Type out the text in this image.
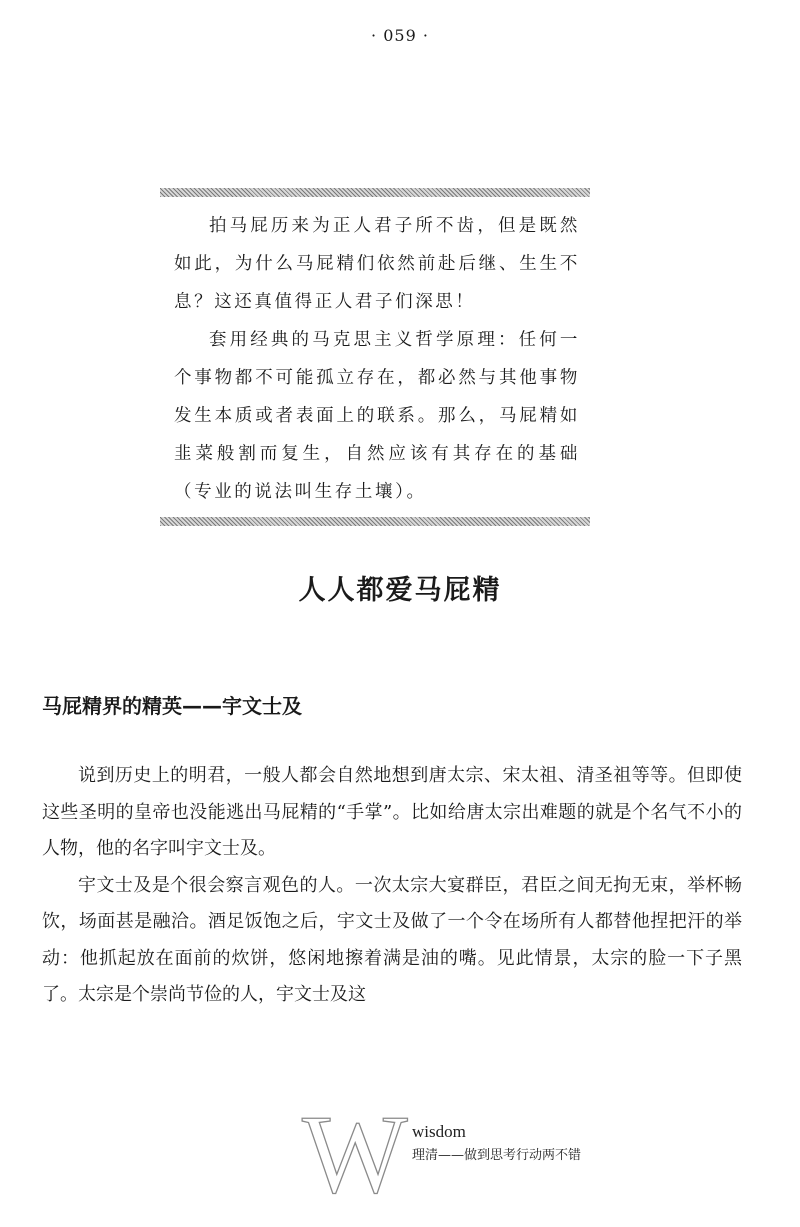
· 059 ·

拍马屁历来为正人君子所不齿，但是既然如此，为什么马屁精们依然前赴后继、生生不息？这还真值得正人君子们深思！

套用经典的马克思主义哲学原理：任何一个事物都不可能孤立存在，都必然与其他事物发生本质或者表面上的联系。那么，马屁精如韭菜般割而复生，自然应该有其存在的基础（专业的说法叫生存土壤）。

人人都爱马屁精
马屁精界的精英——宇文士及

说到历史上的明君，一般人都会自然地想到唐太宗、宋太祖、清圣祖等等。但即使这些圣明的皇帝也没能逃出马屁精的“手掌”。比如给唐太宗出难题的就是个名气不小的人物，他的名字叫宇文士及。

宇文士及是个很会察言观色的人。一次太宗大宴群臣，君臣之间无拘无束，举杯畅饮，场面甚是融洽。酒足饭饱之后，宇文士及做了一个令在场所有人都替他捏把汗的举动：他抓起放在面前的炊饼，悠闲地擦着满是油的嘴。见此情景，太宗的脸一下子黑了。太宗是个崇尚节俭的人，宇文士及这

W wisdom
理清——做到思考行动两不错
